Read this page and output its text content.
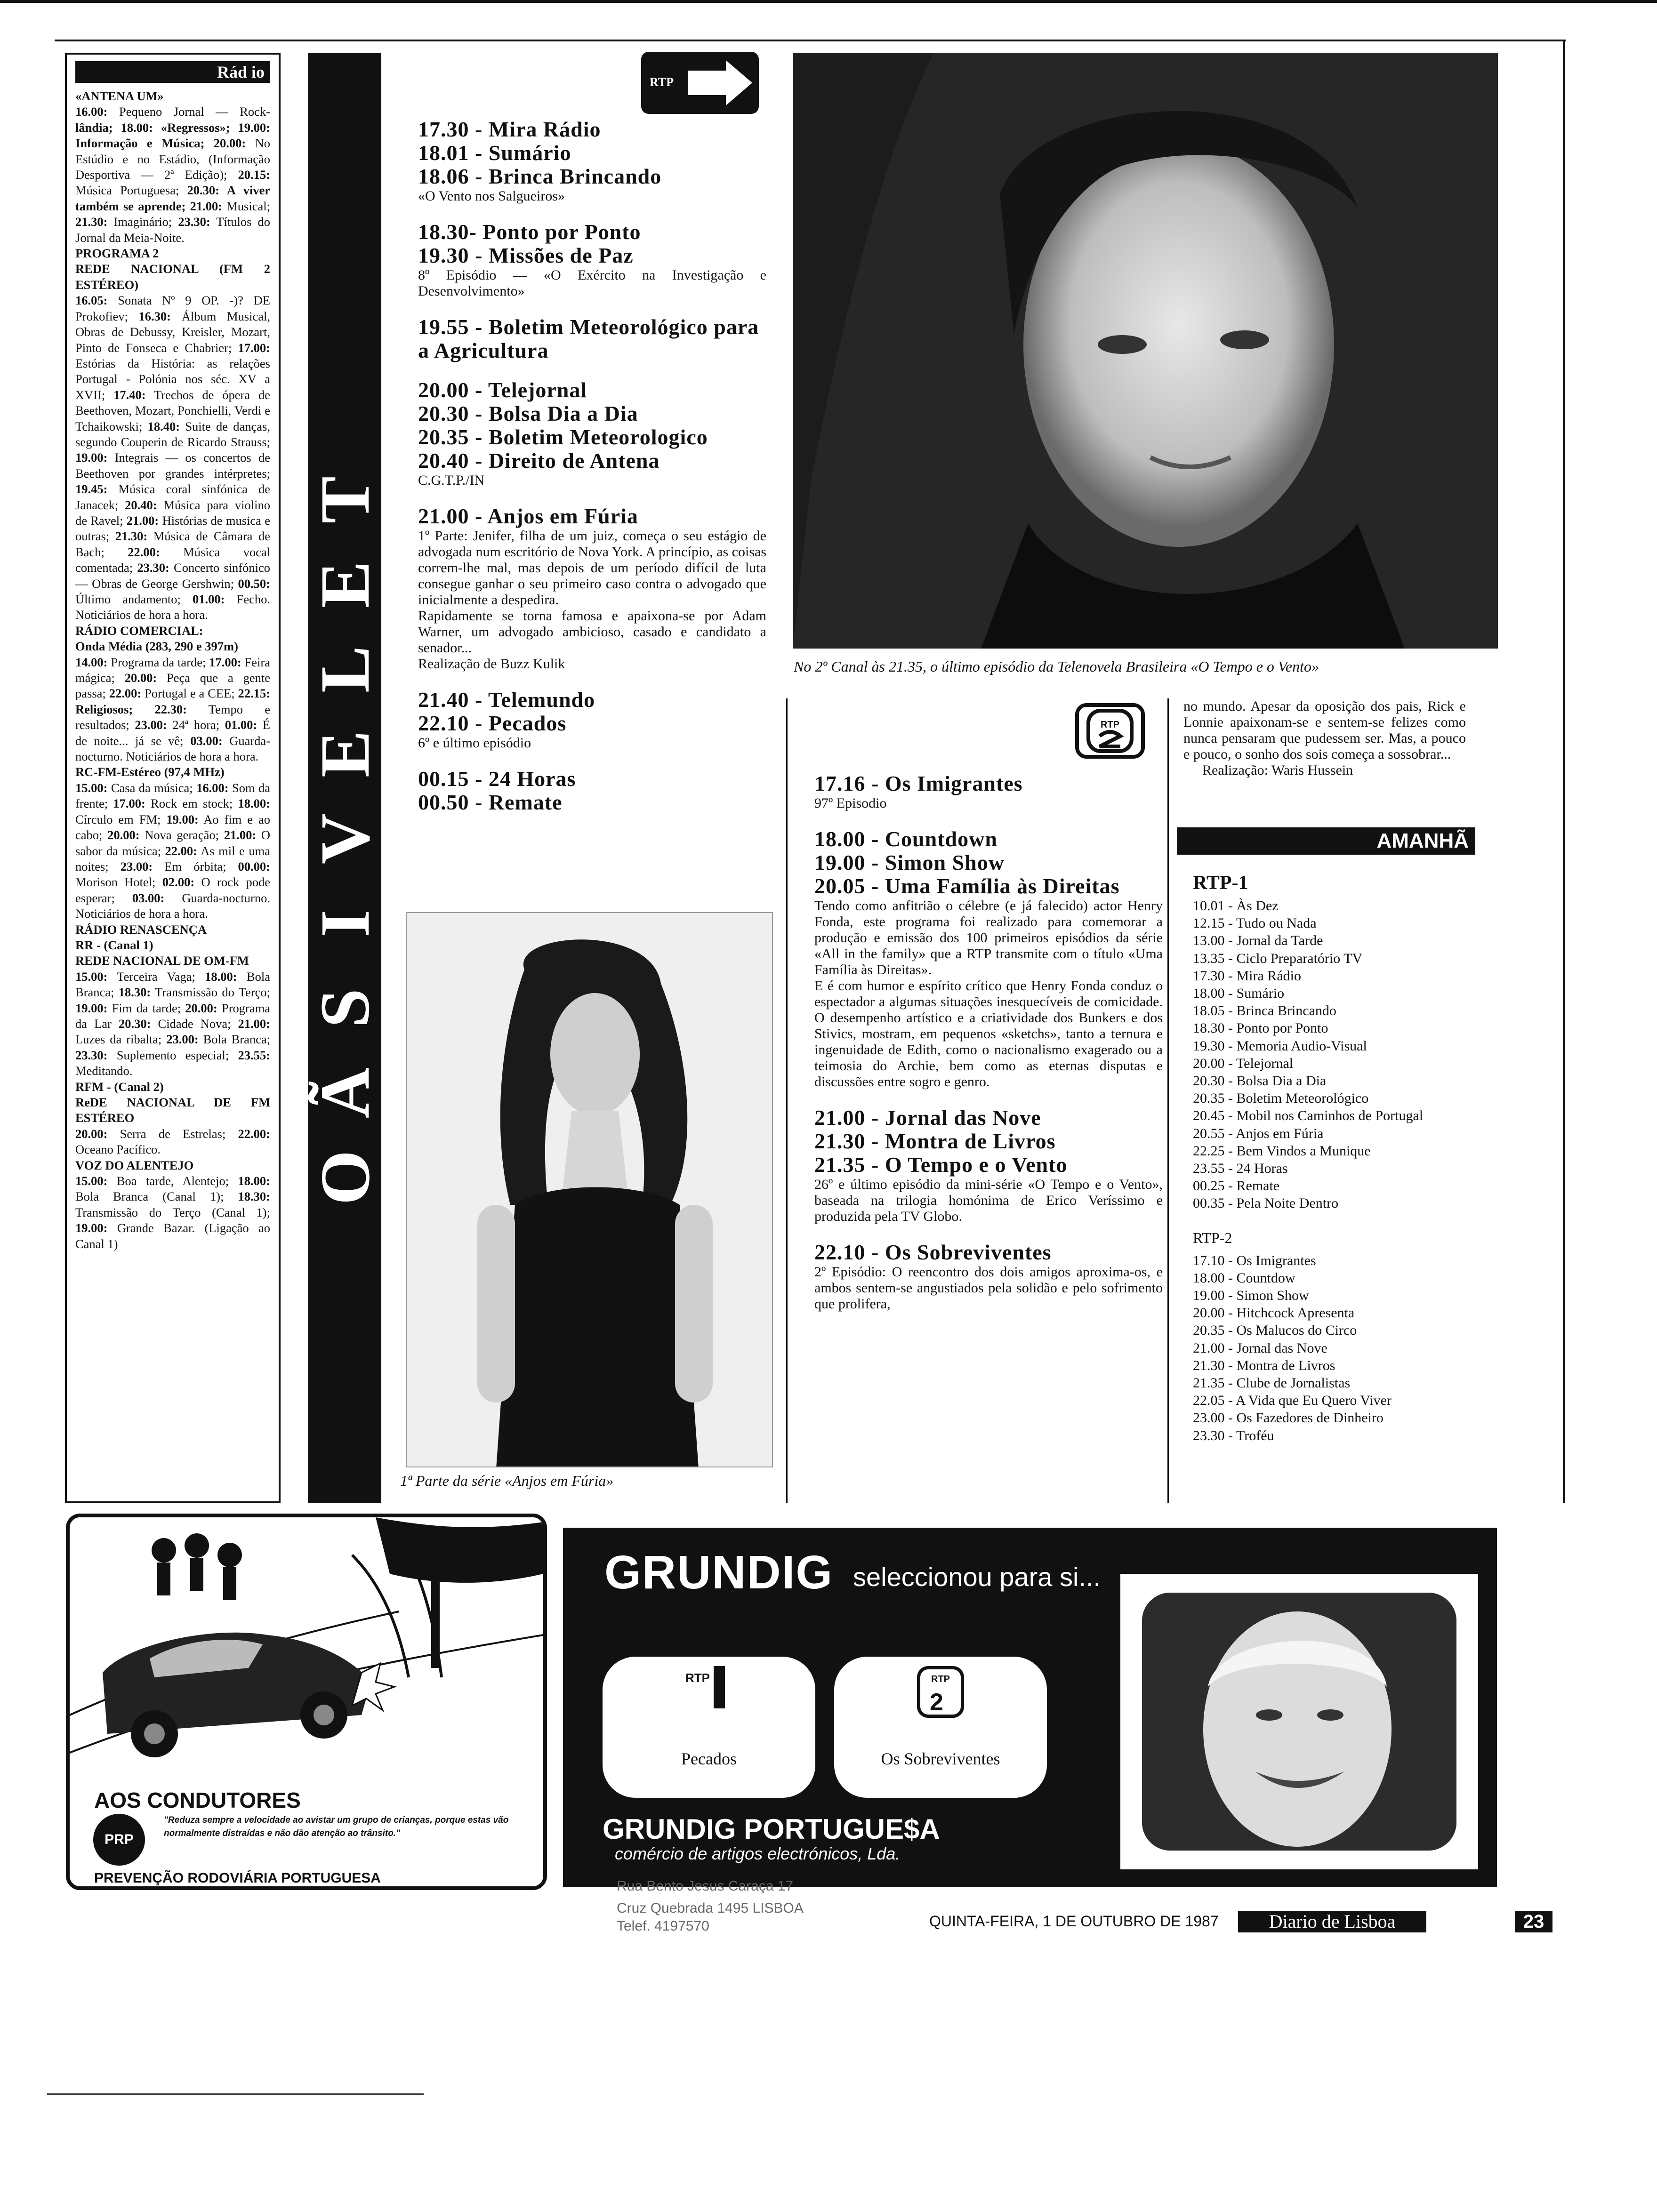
Rád io

«ANTENA UM»

16.00: Pequeno Jornal — Rock-lândia; 18.00: «Regressos»; 19.00: Informação e Música; 20.00: No Estúdio e no Estádio, (Informação Desportiva — 2ª Edição); 20.15: Música Portuguesa; 20.30: A viver também se aprende; 21.00: Musical; 21.30: Imaginário; 23.30: Títulos do Jornal da Meia-Noite.

PROGRAMA 2

REDE NACIONAL (FM 2 ESTÉREO)

16.05: Sonata Nº 9 OP. -)? DE Prokofiev; 16.30: Álbum Musical, Obras de Debussy, Kreisler, Mozart, Pinto de Fonseca e Chabrier; 17.00: Estórias da História: as relações Portugal - Polónia nos séc. XV a XVII; 17.40: Trechos de ópera de Beethoven, Mozart, Ponchielli, Verdi e Tchaikowski; 18.40: Suite de danças, segundo Couperin de Ricardo Strauss; 19.00: Integrais — os concertos de Beethoven por grandes intérpretes; 19.45: Música coral sinfónica de Janacek; 20.40: Música para violino de Ravel; 21.00: Histórias de musica e outras; 21.30: Música de Câmara de Bach; 22.00: Música vocal comentada; 23.30: Concerto sinfónico — Obras de George Gershwin; 00.50: Último andamento; 01.00: Fecho. Noticiários de hora a hora.

RÁDIO COMERCIAL:

Onda Média (283, 290 e 397m)

14.00: Programa da tarde; 17.00: Feira mágica; 20.00: Peça que a gente passa; 22.00: Portugal e a CEE; 22.15: Religiosos; 22.30: Tempo e resultados; 23.00: 24ª hora; 01.00: É de noite... já se vê; 03.00: Guarda-nocturno. Noticiários de hora a hora.

RC-FM-Estéreo (97,4 MHz)

15.00: Casa da música; 16.00: Som da frente; 17.00: Rock em stock; 18.00: Círculo em FM; 19.00: Ao fim e ao cabo; 20.00: Nova geração; 21.00: O sabor da música; 22.00: As mil e uma noites; 23.00: Em órbita; 00.00: Morison Hotel; 02.00: O rock pode esperar; 03.00: Guarda-nocturno. Noticiários de hora a hora.

RÁDIO RENASCENÇA

RR - (Canal 1)

REDE NACIONAL DE OM-FM

15.00: Terceira Vaga; 18.00: Bola Branca; 18.30: Transmissão do Terço; 19.00: Fim da tarde; 20.00: Programa da Lar 20.30: Cidade Nova; 21.00: Luzes da ribalta; 23.00: Bola Branca; 23.30: Suplemento especial; 23.55: Meditando.

RFM - (Canal 2)

ReDE NACIONAL DE FM ESTÉREO

20.00: Serra de Estrelas; 22.00: Oceano Pacífico.

VOZ DO ALENTEJO

15.00: Boa tarde, Alentejo; 18.00: Bola Branca (Canal 1); 18.30: Transmissão do Terço (Canal 1); 19.00: Grande Bazar. (Ligação ao Canal 1)

T
E
L
E
V
I
S
Ã
O
RTP
17.30 - Mira Rádio
18.01 - Sumário
18.06 - Brinca Brincando
«O Vento nos Salgueiros»
18.30- Ponto por Ponto
19.30 - Missões de Paz
8º Episódio — «O Exército na Investigação e Desenvolvimento»
19.55 - Boletim Meteorológico para a Agricultura
20.00 - Telejornal
20.30 - Bolsa Dia a Dia
20.35 - Boletim Meteorologico
20.40 - Direito de Antena
C.G.T.P./IN
21.00 - Anjos em Fúria
1º Parte: Jenifer, filha de um juiz, começa o seu estágio de advogada num escritório de Nova York. A princípio, as coisas correm-lhe mal, mas depois de um período difícil de luta consegue ganhar o seu primeiro caso contra o advogado que inicialmente a despedira.
Rapidamente se torna famosa e apaixona-se por Adam Warner, um advogado ambicioso, casado e candidato a senador...
Realização de Buzz Kulik
21.40 - Telemundo
22.10 - Pecados
6º e último episódio
00.15 - 24 Horas
00.50 - Remate
No 2º Canal às 21.35, o último episódio da Telenovela Brasileira «O Tempo e o Vento»
1ª Parte da série «Anjos em Fúria»
RTP
17.16 - Os Imigrantes
97º Episodio
18.00 - Countdown
19.00 - Simon Show
20.05 - Uma Família às Direitas
Tendo como anfitrião o célebre (e já falecido) actor Henry Fonda, este programa foi realizado para comemorar a produção e emissão dos 100 primeiros episódios da série «All in the family» que a RTP transmite com o título «Uma Família às Direitas».
E é com humor e espírito crítico que Henry Fonda conduz o espectador a algumas situações inesquecíveis de comicidade. O desempenho artístico e a criatividade dos Bunkers e dos Stivics, mostram, em pequenos «sketchs», tanto a ternura e ingenuidade de Edith, como o nacionalismo exagerado ou a teimosia do Archie, bem como as eternas disputas e discussões entre sogro e genro.
21.00 - Jornal das Nove
21.30 - Montra de Livros
21.35 - O Tempo e o Vento
26º e último episódio da mini-série «O Tempo e o Vento», baseada na trilogia homónima de Erico Veríssimo e produzida pela TV Globo.
22.10 - Os Sobreviventes
2º Episódio: O reencontro dos dois amigos aproxima-os, e ambos sentem-se angustiados pela solidão e pelo sofrimento que prolifera,

no mundo. Apesar da oposição dos pais, Rick e Lonnie apaixonam-se e sentem-se felizes como nunca pensaram que pudessem ser. Mas, a pouco e pouco, o sonho dos sois começa a sossobrar...

Realização: Waris Hussein

AMANHÃ
RTP-1
10.01 - Às Dez
12.15 - Tudo ou Nada
13.00 - Jornal da Tarde
13.35 - Ciclo Preparatório TV
17.30 - Mira Rádio
18.00 - Sumário
18.05 - Brinca Brincando
18.30 - Ponto por Ponto
19.30 - Memoria Audio-Visual
20.00 - Telejornal
20.30 - Bolsa Dia a Dia
20.35 - Boletim Meteorológico
20.45 - Mobil nos Caminhos de Portugal
20.55 - Anjos em Fúria
22.25 - Bem Vindos a Munique
23.55 - 24 Horas
00.25 - Remate
00.35 - Pela Noite Dentro
RTP-2
17.10 - Os Imigrantes
18.00 - Countdow
19.00 - Simon Show
20.00 - Hitchcock Apresenta
20.35 - Os Malucos do Circo
21.00 - Jornal das Nove
21.30 - Montra de Livros
21.35 - Clube de Jornalistas
22.05 - A Vida que Eu Quero Viver
23.00 - Os Fazedores de Dinheiro
23.30 - Troféu
AOS CONDUTORES
PRP
"Reduza sempre a velocidade ao avistar um grupo de crianças, porque estas vão normalmente distraídas e não dão atenção ao trânsito."
PREVENÇÃO RODOVIÁRIA PORTUGUESA
GRUNDIG seleccionou para si...
RTP
Pecados
RTP
2
Os Sobreviventes
GRUNDIG PORTUGUE$A
comércio de artigos electrónicos, Lda.
Rua Bento Jesus Caraça 17
Cruz Quebrada 1495 LISBOA
Telef. 4197570	QUINTA-FEIRA, 1 DE OUTUBRO DE 1987	Diario de Lisboa	23
